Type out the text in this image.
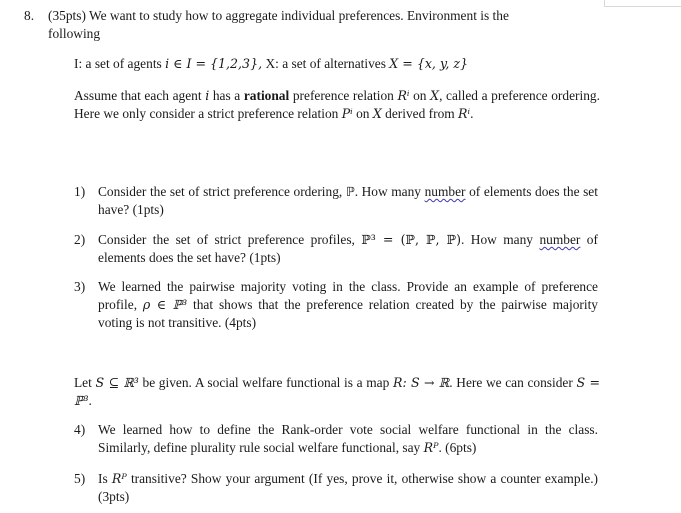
8. (35pts) We want to study how to aggregate individual preferences. Environment is the
following
I: a set of agents i ∈ I = {1,2,3}, X: a set of alternatives X = {x, y, z}
Assume that each agent i has a rational preference relation Rⁱ on X, called a preference ordering. Here we only consider a strict preference relation Pⁱ on X derived from Rⁱ.
1) Consider the set of strict preference ordering, ℙ. How many number of elements does the set have? (1pts)
2) Consider the set of strict preference profiles, ℙ³ = (ℙ, ℙ, ℙ). How many number of elements does the set have? (1pts)
3) We learned the pairwise majority voting in the class. Provide an example of preference profile, ρ ∈ ℙ³ that shows that the preference relation created by the pairwise majority voting is not transitive. (4pts)
Let S ⊆ ℝ³ be given. A social welfare functional is a map R: S → ℝ. Here we can consider S = ℙ³.
4) We learned how to define the Rank-order vote social welfare functional in the class. Similarly, define plurality rule social welfare functional, say Rᴾ. (6pts)
5) Is Rᴾ transitive? Show your argument (If yes, prove it, otherwise show a counter example.) (3pts)
